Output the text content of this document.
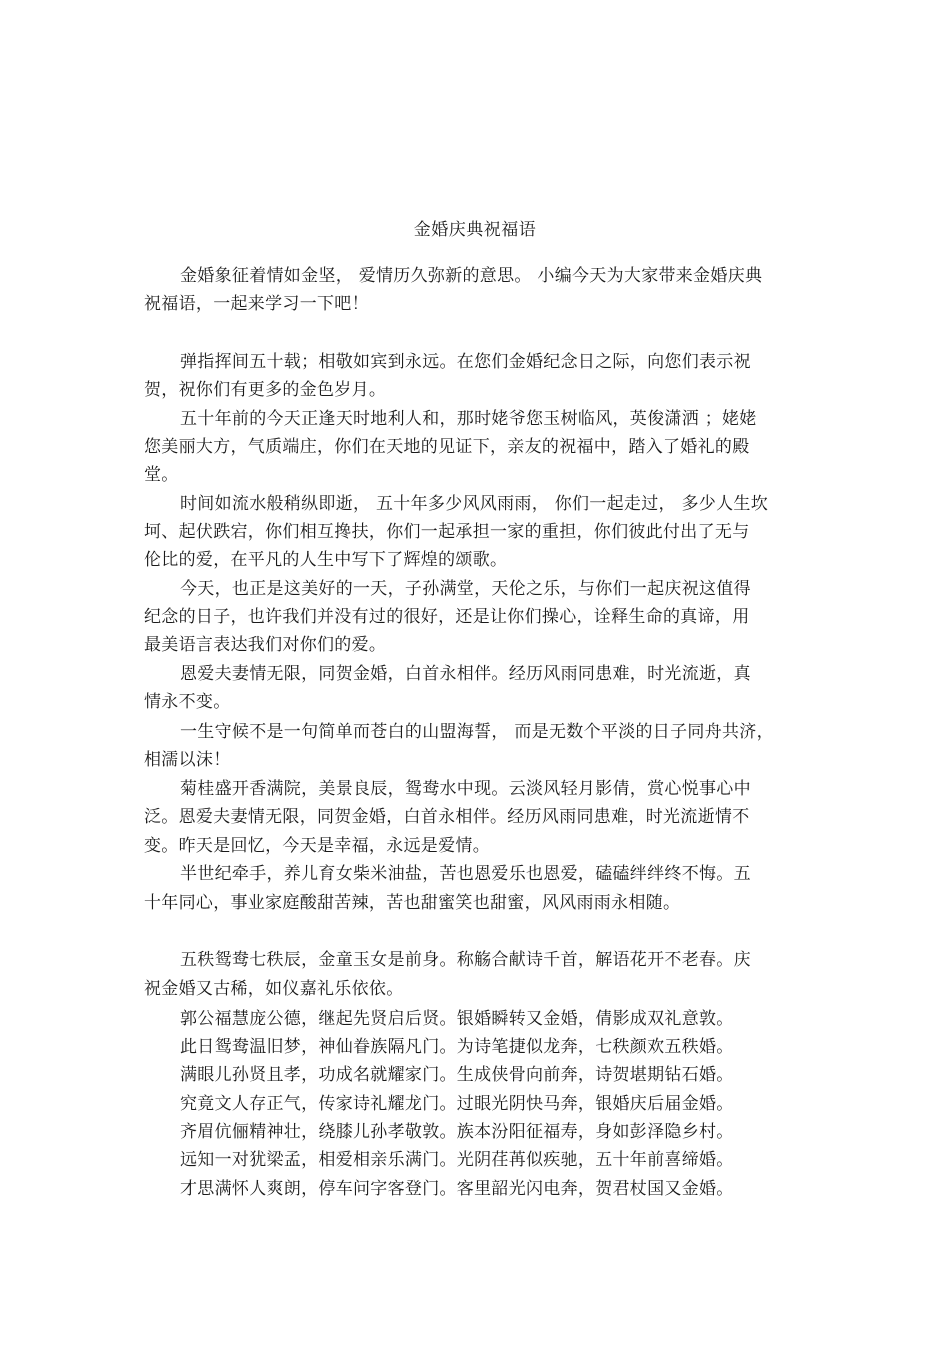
金婚庆典祝福语

金婚象征着情如金坚， 爱情历久弥新的意思。 小编今天为大家带来金婚庆典

祝福语，一起来学习一下吧！

弹指挥间五十载；相敬如宾到永远。在您们金婚纪念日之际，向您们表示祝

贺，祝你们有更多的金色岁月。

五十年前的今天正逢天时地利人和，那时姥爷您玉树临风，英俊潇洒 ；姥姥

您美丽大方，气质端庄，你们在天地的见证下，亲友的祝福中，踏入了婚礼的殿

堂。

时间如流水般稍纵即逝， 五十年多少风风雨雨， 你们一起走过， 多少人生坎

坷、起伏跌宕，你们相互搀扶，你们一起承担一家的重担，你们彼此付出了无与

伦比的爱，在平凡的人生中写下了辉煌的颂歌。

今天，也正是这美好的一天，子孙满堂，天伦之乐，与你们一起庆祝这值得

纪念的日子，也许我们并没有过的很好，还是让你们操心，诠释生命的真谛，用

最美语言表达我们对你们的爱。

恩爱夫妻情无限，同贺金婚，白首永相伴。经历风雨同患难，时光流逝，真

情永不变。

一生守候不是一句简单而苍白的山盟海誓， 而是无数个平淡的日子同舟共济，

相濡以沫！

菊桂盛开香满院，美景良辰，鸳鸯水中现。云淡风轻月影倩，赏心悦事心中

泛。恩爱夫妻情无限，同贺金婚，白首永相伴。经历风雨同患难，时光流逝情不

变。昨天是回忆，今天是幸福，永远是爱情。

半世纪牵手，养儿育女柴米油盐，苦也恩爱乐也恩爱，磕磕绊绊终不悔。五

十年同心，事业家庭酸甜苦辣，苦也甜蜜笑也甜蜜，风风雨雨永相随。

五秩鸳鸯七秩辰，金童玉女是前身。称觞合献诗千首，解语花开不老春。庆

祝金婚又古稀，如仪嘉礼乐依依。

郭公福慧庞公德，继起先贤启后贤。银婚瞬转又金婚，倩影成双礼意敦。

此日鸳鸯温旧梦，神仙眷族隔凡门。为诗笔捷似龙奔，七秩颜欢五秩婚。

满眼儿孙贤且孝，功成名就耀家门。生成侠骨向前奔，诗贺堪期钻石婚。

究竟文人存正气，传家诗礼耀龙门。过眼光阴快马奔，银婚庆后届金婚。

齐眉伉俪精神壮，绕膝儿孙孝敬敦。族本汾阳征福寿，身如彭泽隐乡村。

远知一对犹梁孟，相爱相亲乐满门。光阴荏苒似疾驰，五十年前喜缔婚。

才思满怀人爽朗，停车问字客登门。客里韶光闪电奔，贺君杖国又金婚。
